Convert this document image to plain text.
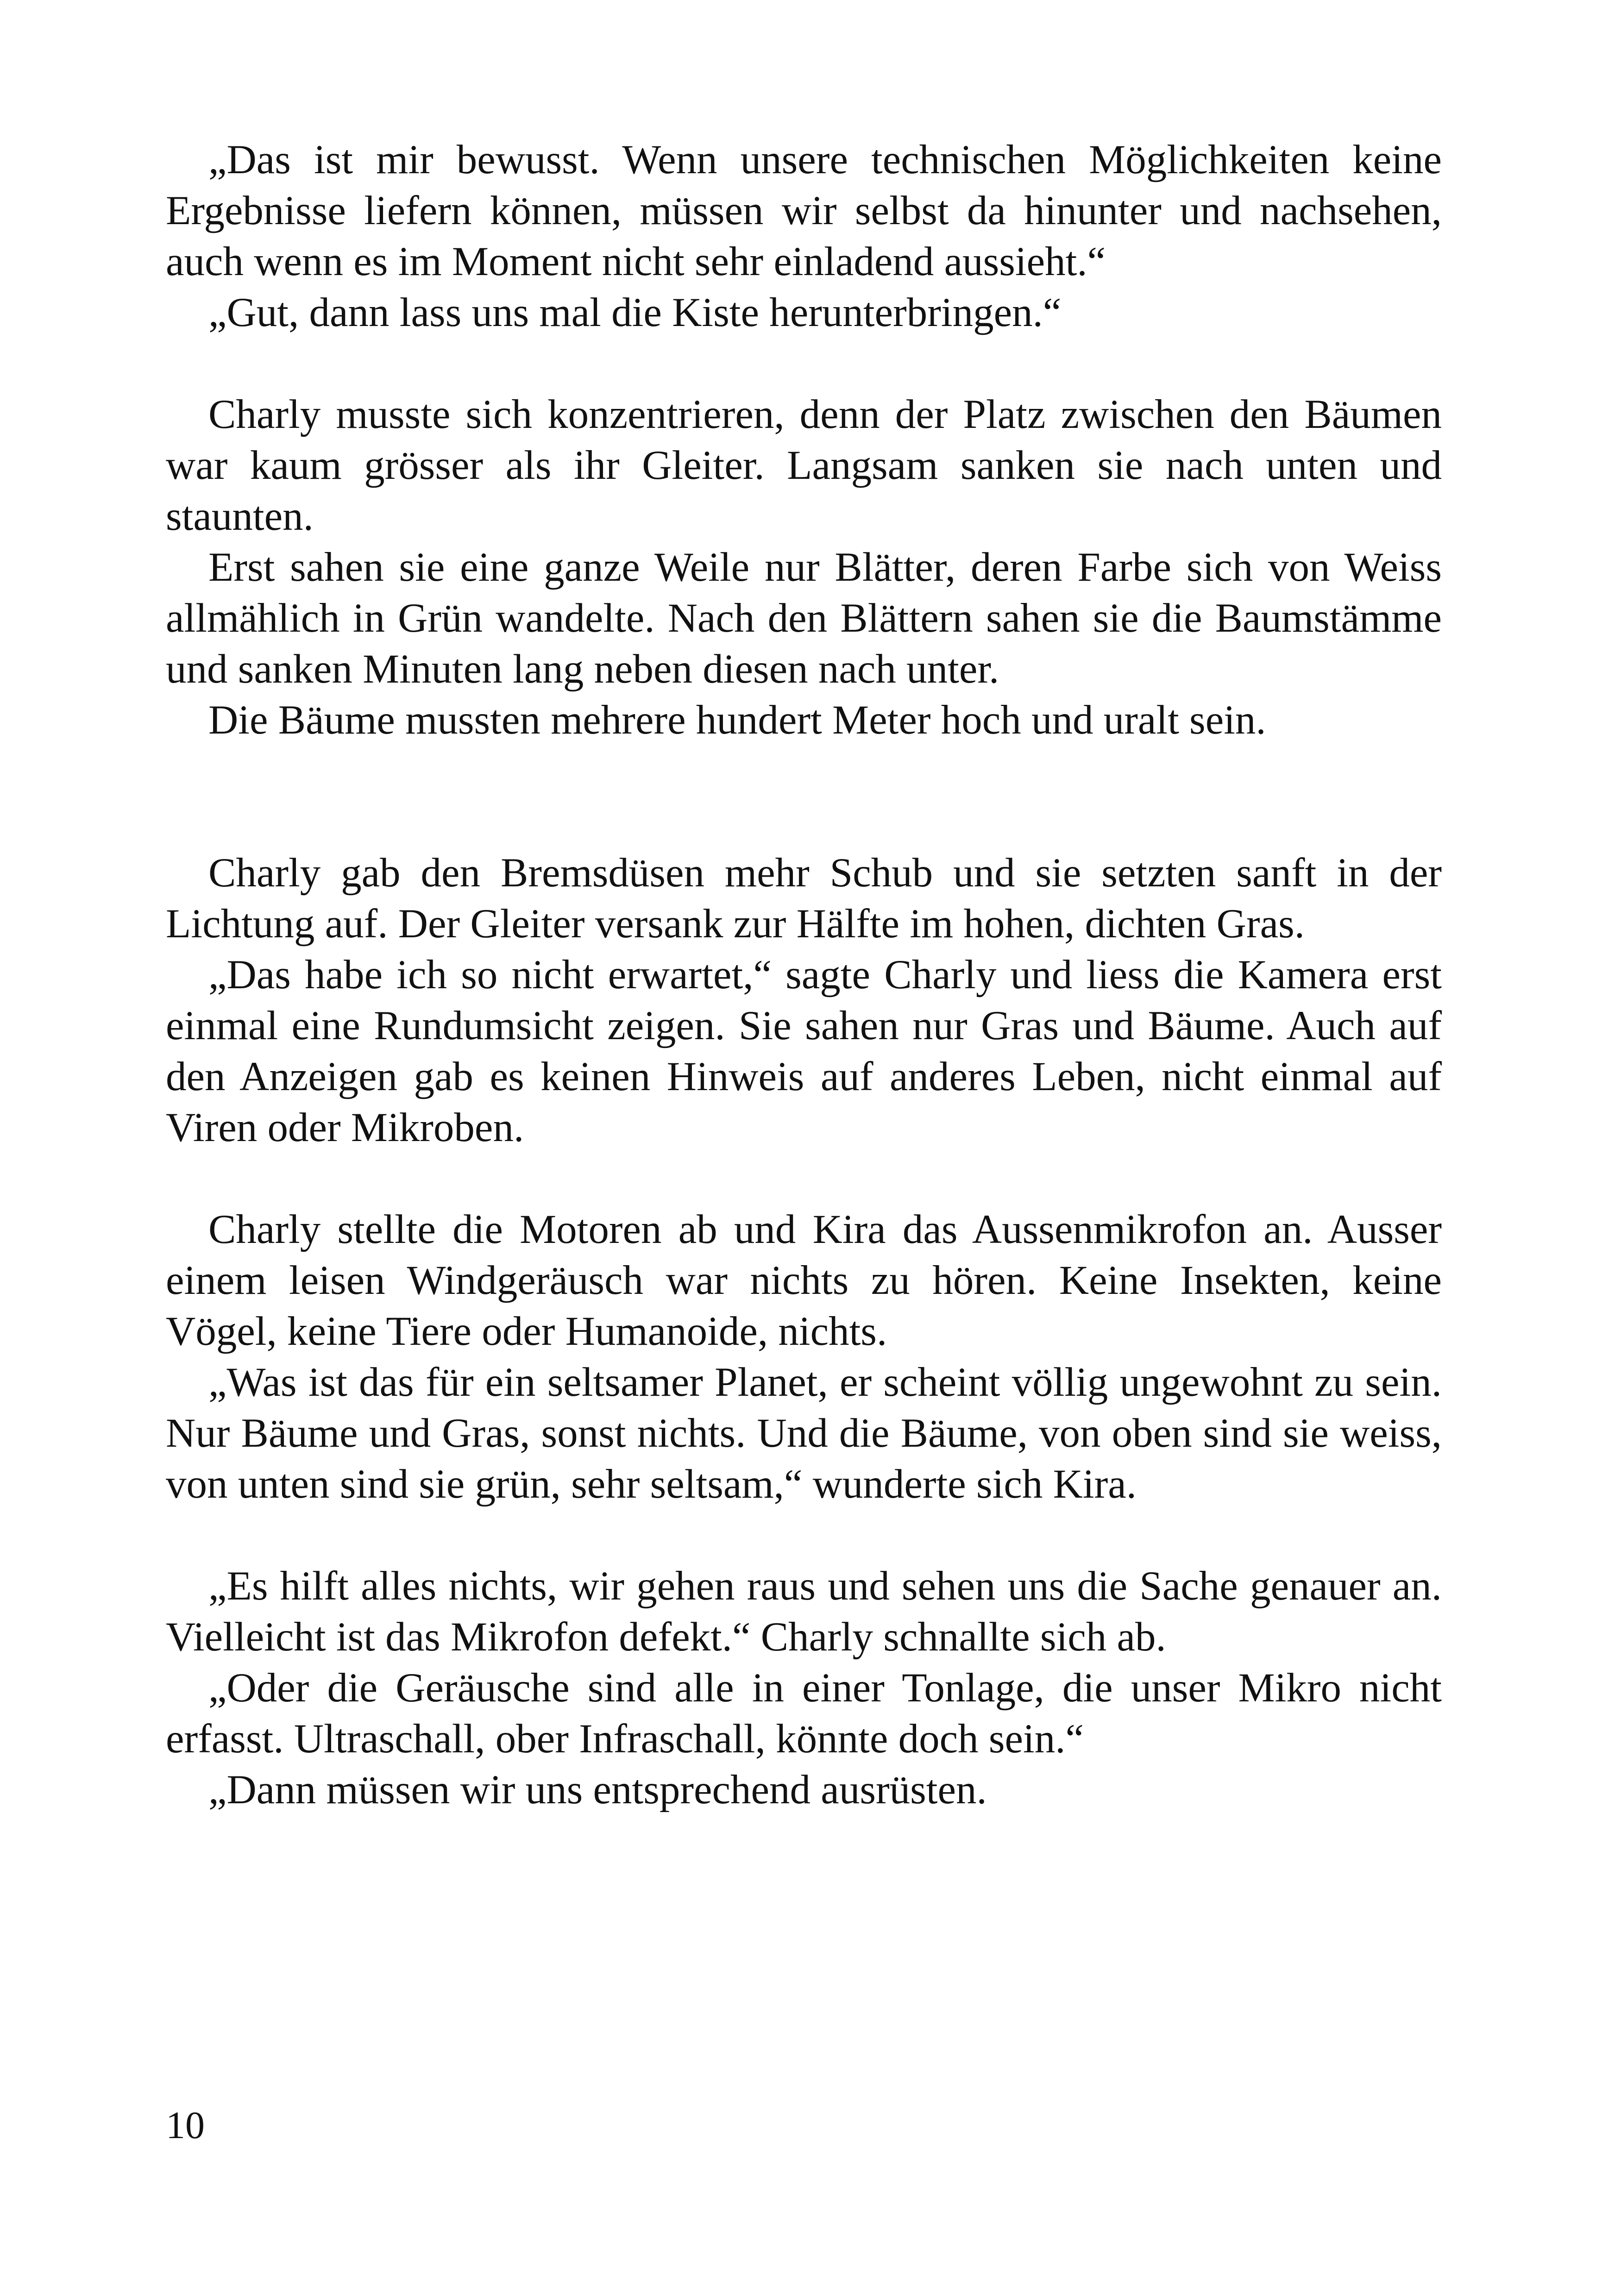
„Das ist mir bewusst. Wenn unsere technischen Möglichkeiten keine Ergebnisse liefern können, müssen wir selbst da hinunter und nachsehen, auch wenn es im Moment nicht sehr einladend aussieht.“

„Gut, dann lass uns mal die Kiste herunterbringen.“

Charly musste sich konzentrieren, denn der Platz zwischen den Bäumen war kaum grösser als ihr Gleiter. Langsam sanken sie nach unten und staunten.

Erst sahen sie eine ganze Weile nur Blätter, deren Farbe sich von Weiss allmählich in Grün wandelte. Nach den Blättern sahen sie die Baumstämme und sanken Minuten lang neben diesen nach unter.

Die Bäume mussten mehrere hundert Meter hoch und uralt sein.

Charly gab den Bremsdüsen mehr Schub und sie setzten sanft in der Lichtung auf. Der Gleiter versank zur Hälfte im hohen, dichten Gras.

„Das habe ich so nicht erwartet,“ sagte Charly und liess die Kamera erst einmal eine Rundumsicht zeigen. Sie sahen nur Gras und Bäume. Auch auf den Anzeigen gab es keinen Hinweis auf anderes Leben, nicht einmal auf Viren oder Mikroben.

Charly stellte die Motoren ab und Kira das Aussenmikrofon an. Ausser einem leisen Windgeräusch war nichts zu hören. Keine Insekten, keine Vögel, keine Tiere oder Humanoide, nichts.

„Was ist das für ein seltsamer Planet, er scheint völlig ungewohnt zu sein. Nur Bäume und Gras, sonst nichts. Und die Bäume, von oben sind sie weiss, von unten sind sie grün, sehr seltsam,“ wunderte sich Kira.

„Es hilft alles nichts, wir gehen raus und sehen uns die Sache genauer an. Vielleicht ist das Mikrofon defekt.“ Charly schnallte sich ab.

„Oder die Geräusche sind alle in einer Tonlage, die unser Mikro nicht erfasst. Ultraschall, ober Infraschall, könnte doch sein.“

„Dann müssen wir uns entsprechend ausrüsten.

10
